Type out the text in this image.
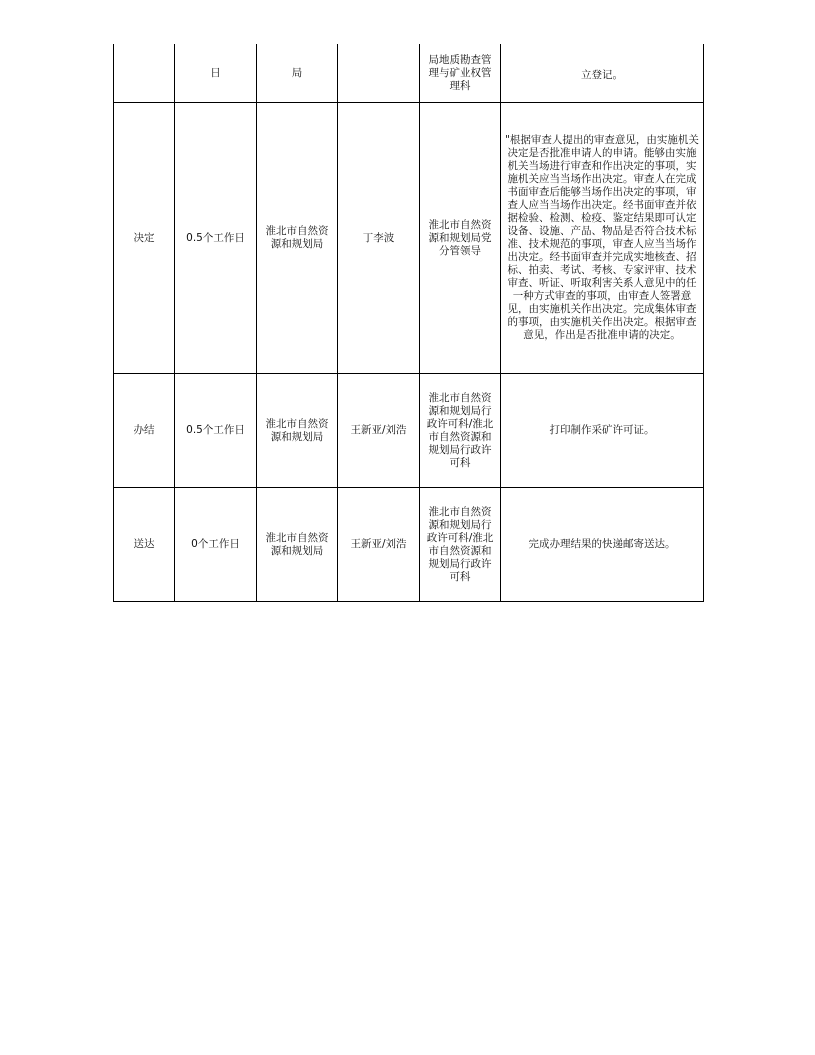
	日	局		局地质勘查管理与矿业权管理科	立登记。
决定	0.5个工作日	淮北市自然资源和规划局	丁李波	淮北市自然资源和规划局党分管领导	"根据审查人提出的审查意见，由实施机关决定是否批准申请人的申请。能够由实施机关当场进行审查和作出决定的事项，实施机关应当当场作出决定。审查人在完成书面审查后能够当场作出决定的事项，审查人应当当场作出决定。经书面审查并依据检验、检测、检疫、鉴定结果即可认定设备、设施、产品、物品是否符合技术标准、技术规范的事项，审查人应当当场作出决定。经书面审查并完成实地核查、招标、拍卖、考试、考核、专家评审、技术审查、听证、听取利害关系人意见中的任一种方式审查的事项，由审查人签署意见，由实施机关作出决定。完成集体审查的事项，由实施机关作出决定。根据审查意见，作出是否批准申请的决定。
办结	0.5个工作日	淮北市自然资源和规划局	王新亚/刘浩	淮北市自然资源和规划局行政许可科/淮北市自然资源和规划局行政许可科	打印制作采矿许可证。
送达	0个工作日	淮北市自然资源和规划局	王新亚/刘浩	淮北市自然资源和规划局行政许可科/淮北市自然资源和规划局行政许可科	完成办理结果的快递邮寄送达。
